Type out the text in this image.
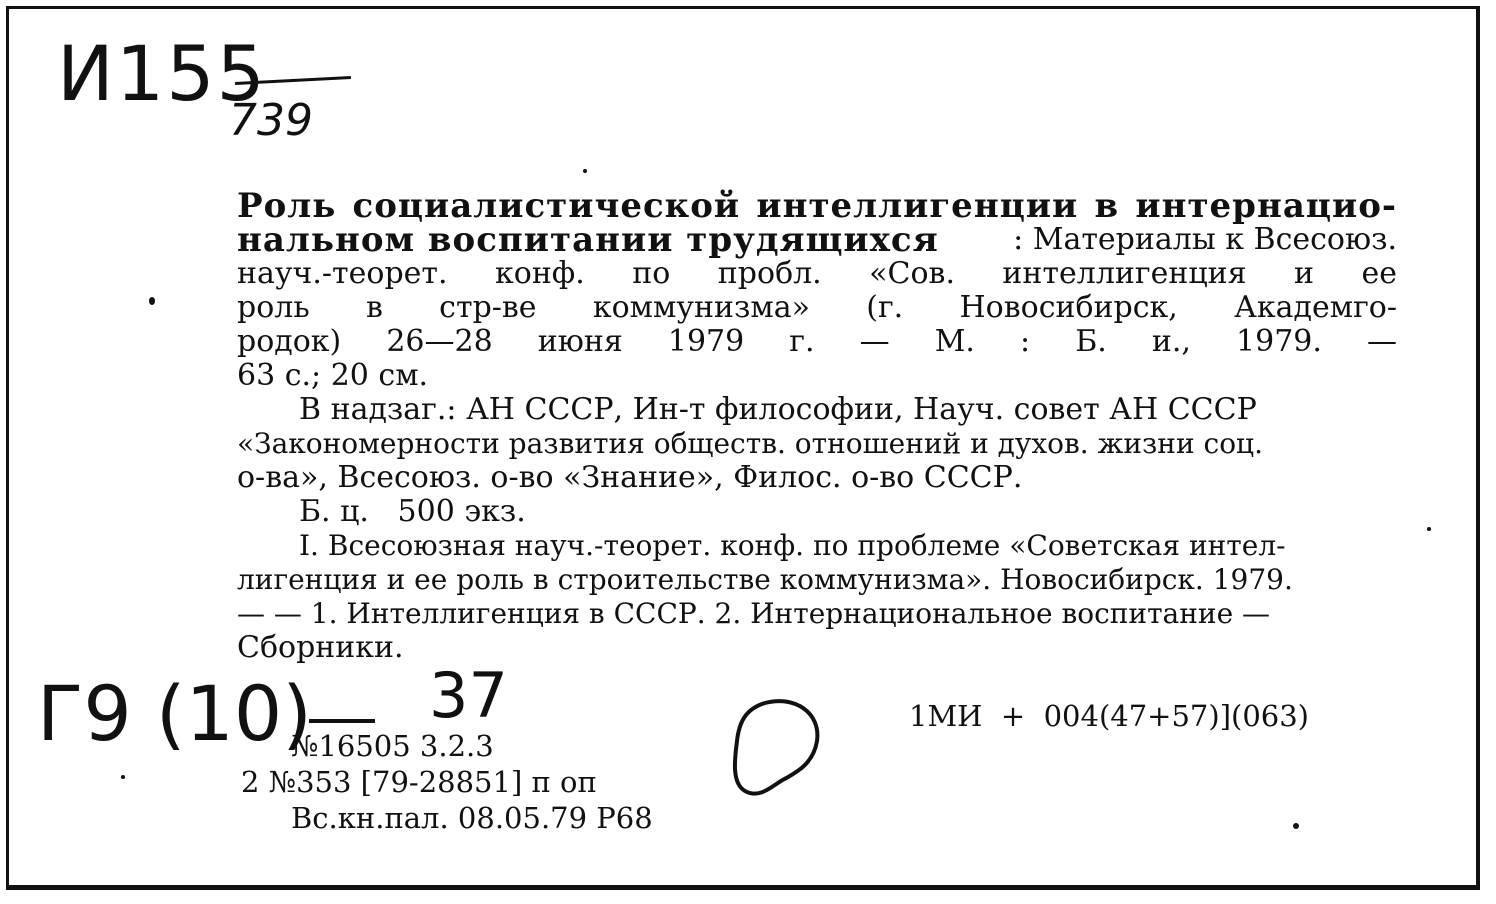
И155
739
Роль социалистической интеллигенции в интернацио-
нальном воспитании трудящихся : Материалы к Всесоюз.
науч.-теорет. конф. по пробл. «Сов. интеллигенция и ее
роль в стр-ве коммунизма» (г. Новосибирск, Академго-
родок) 26—28 июня 1979 г. — М. : Б. и., 1979. —
63 с.; 20 см.
В надзаг.: АН СССР, Ин-т философии, Науч. совет АН СССР
«Закономерности развития обществ. отношений и духов. жизни соц.
о-ва», Всесоюз. о-во «Знание», Филос. о-во СССР.
Б. ц.   500 экз.
I. Всесоюзная науч.-теорет. конф. по проблеме «Советская интел-
лигенция и ее роль в строительстве коммунизма». Новосибирск. 1979.
— — 1. Интеллигенция в СССР. 2. Интернациональное воспитание —
Сборники.
Г9 (10) 37	1МИ  +  004(47+57)](063)
№16505 3.2.3
2 №353 [79-28851] п оп
Вс.кн.пал. 08.05.79 Р68
